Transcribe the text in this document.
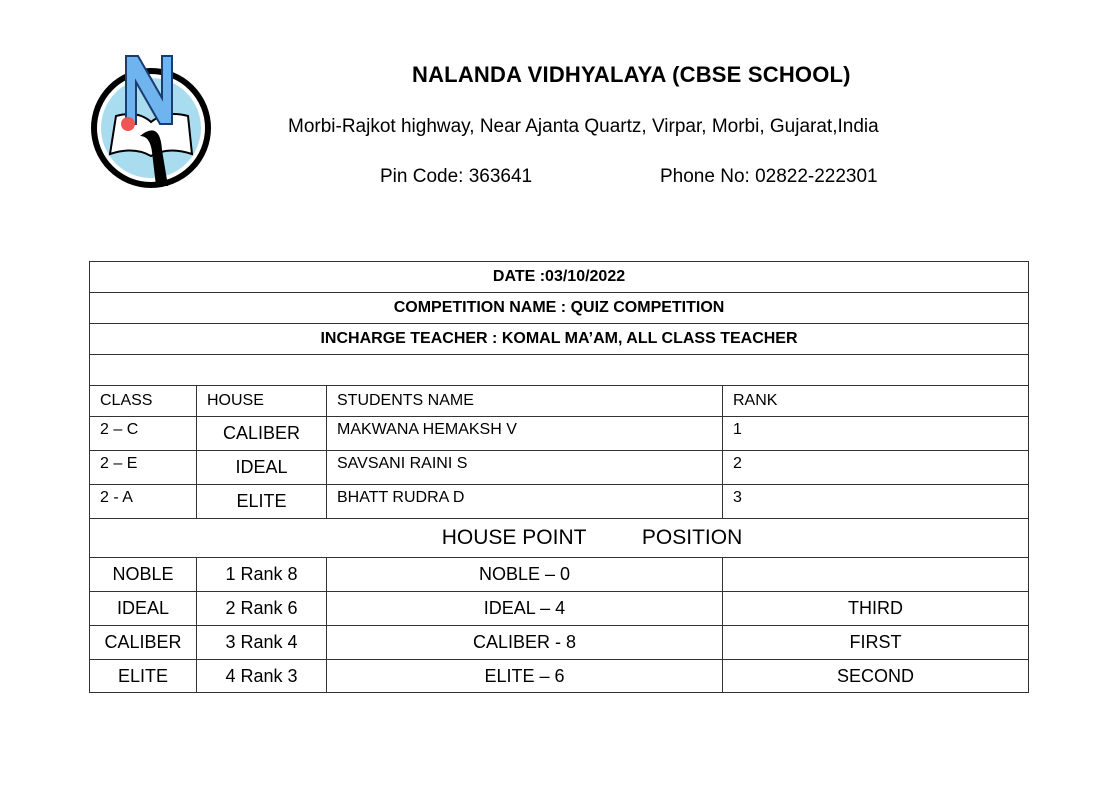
NALANDA VIDHYALAYA (CBSE SCHOOL)
Morbi-Rajkot highway, Near Ajanta Quartz, Virpar, Morbi, Gujarat,India
Pin Code: 363641	Phone No: 02822-222301
DATE :03/10/2022			
COMPETITION NAME : QUIZ COMPETITION			
INCHARGE TEACHER : KOMAL MA’AM, ALL CLASS TEACHER			

CLASS	HOUSE	STUDENTS NAME	RANK
2 – C	CALIBER	MAKWANA HEMAKSH V	1
2 – E	IDEAL	SAVSANI RAINI S	2
2 - A	ELITE	BHATT RUDRA D	3
HOUSE POINT POSITION			
NOBLE	1 Rank 8	NOBLE – 0	
IDEAL	2 Rank 6	IDEAL – 4	THIRD
CALIBER	3 Rank 4	CALIBER - 8	FIRST
ELITE	4 Rank 3	ELITE – 6	SECOND
